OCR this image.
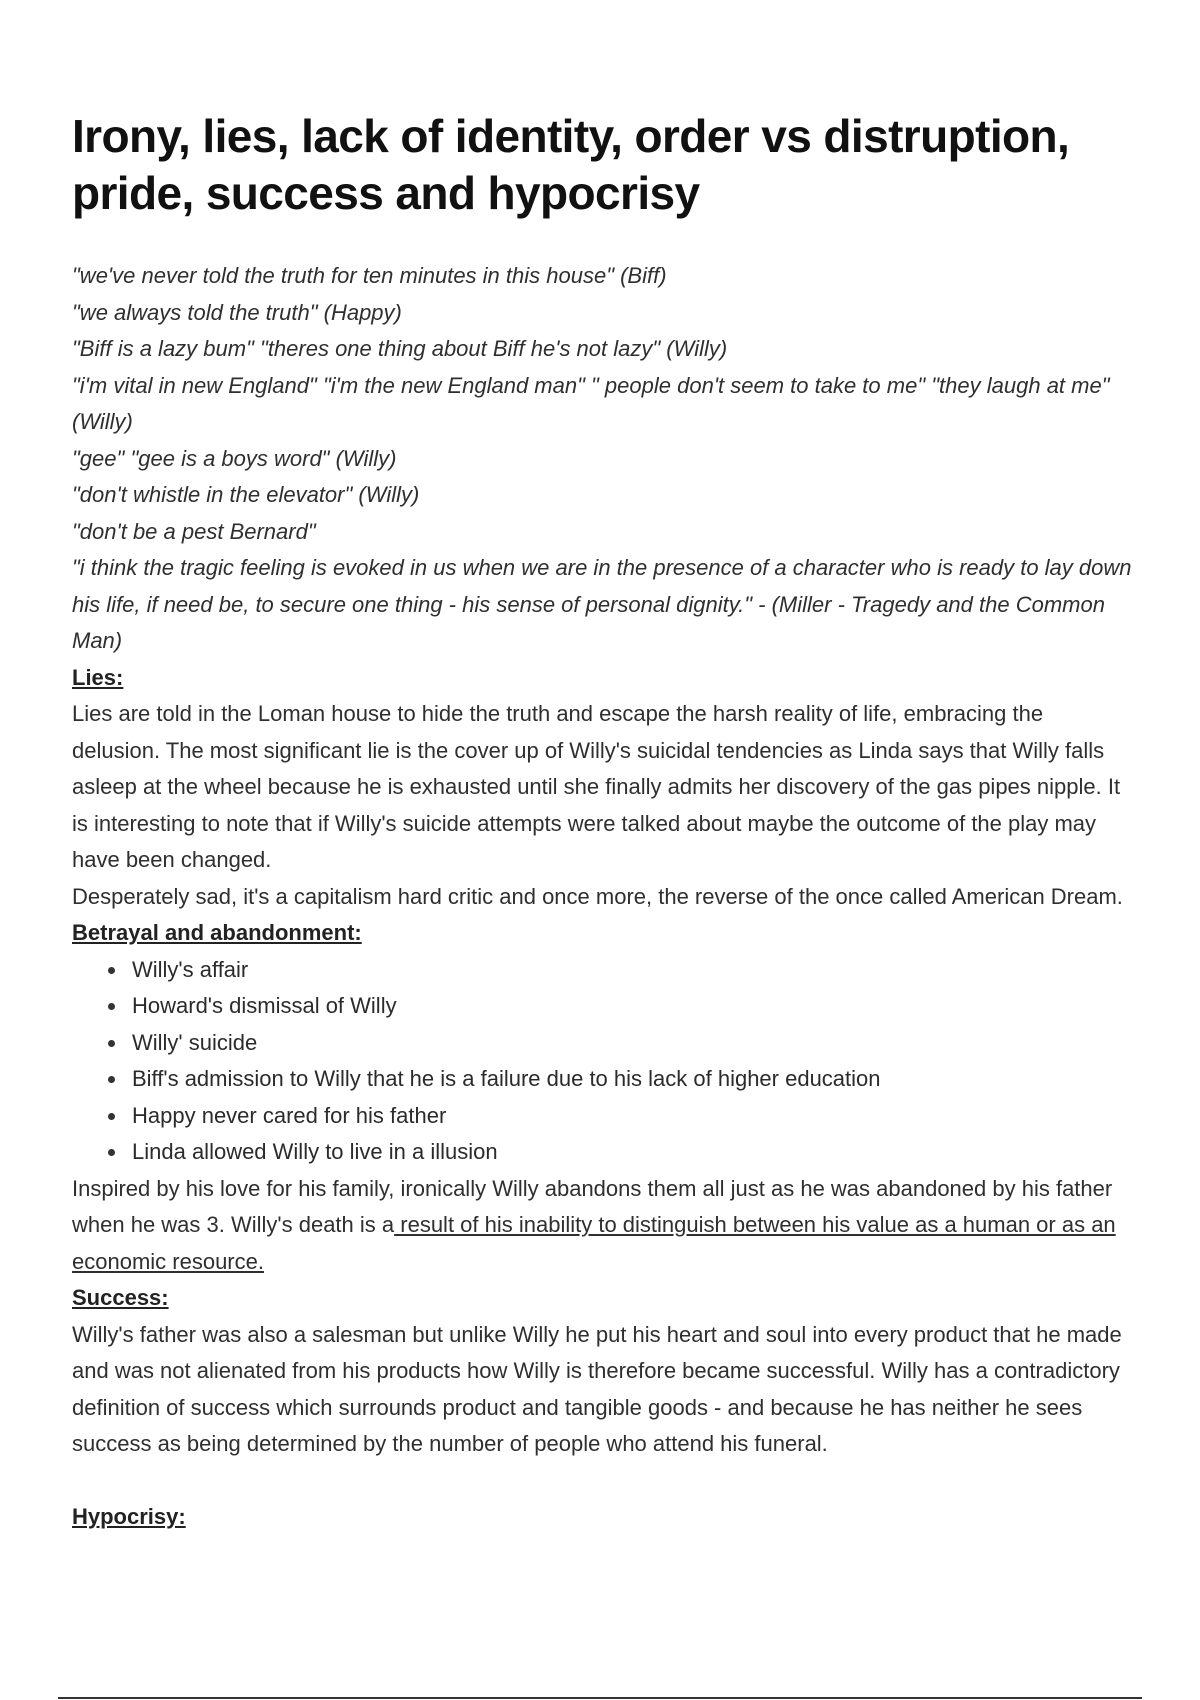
Irony, lies, lack of identity, order vs distruption, pride, success and hypocrisy
"we've never told the truth for ten minutes in this house" (Biff)
"we always told the truth" (Happy)
"Biff is a lazy bum" "theres one thing about Biff he's not lazy" (Willy)
"i'm vital in new England" "i'm the new England man" " people don't seem to take to me" "they laugh at me" (Willy)
"gee" "gee is a boys word" (Willy)
"don't whistle in the elevator" (Willy)
"don't be a pest Bernard"
"i think the tragic feeling is evoked in us when we are in the presence of a character who is ready to lay down his life, if need be, to secure one thing - his sense of personal dignity." - (Miller - Tragedy and the Common Man)
Lies:

Lies are told in the Loman house to hide the truth and escape the harsh reality of life, embracing the delusion. The most significant lie is the cover up of Willy's suicidal tendencies as Linda says that Willy falls asleep at the wheel because he is exhausted until she finally admits her discovery of the gas pipes nipple. It is interesting to note that if Willy's suicide attempts were talked about maybe the outcome of the play may have been changed.

Desperately sad, it's a capitalism hard critic and once more, the reverse of the once called American Dream.

Betrayal and abandonment:
Willy's affair
Howard's dismissal of Willy
Willy' suicide
Biff's admission to Willy that he is a failure due to his lack of higher education
Happy never cared for his father
Linda allowed Willy to live in a illusion

Inspired by his love for his family, ironically Willy abandons them all just as he was abandoned by his father when he was 3. Willy's death is a result of his inability to distinguish between his value as a human or as an economic resource.

Success:

Willy's father was also a salesman but unlike Willy he put his heart and soul into every product that he made and was not alienated from his products how Willy is therefore became successful. Willy has a contradictory definition of success which surrounds product and tangible goods - and because he has neither he sees success as being determined by the number of people who attend his funeral.

Hypocrisy:
